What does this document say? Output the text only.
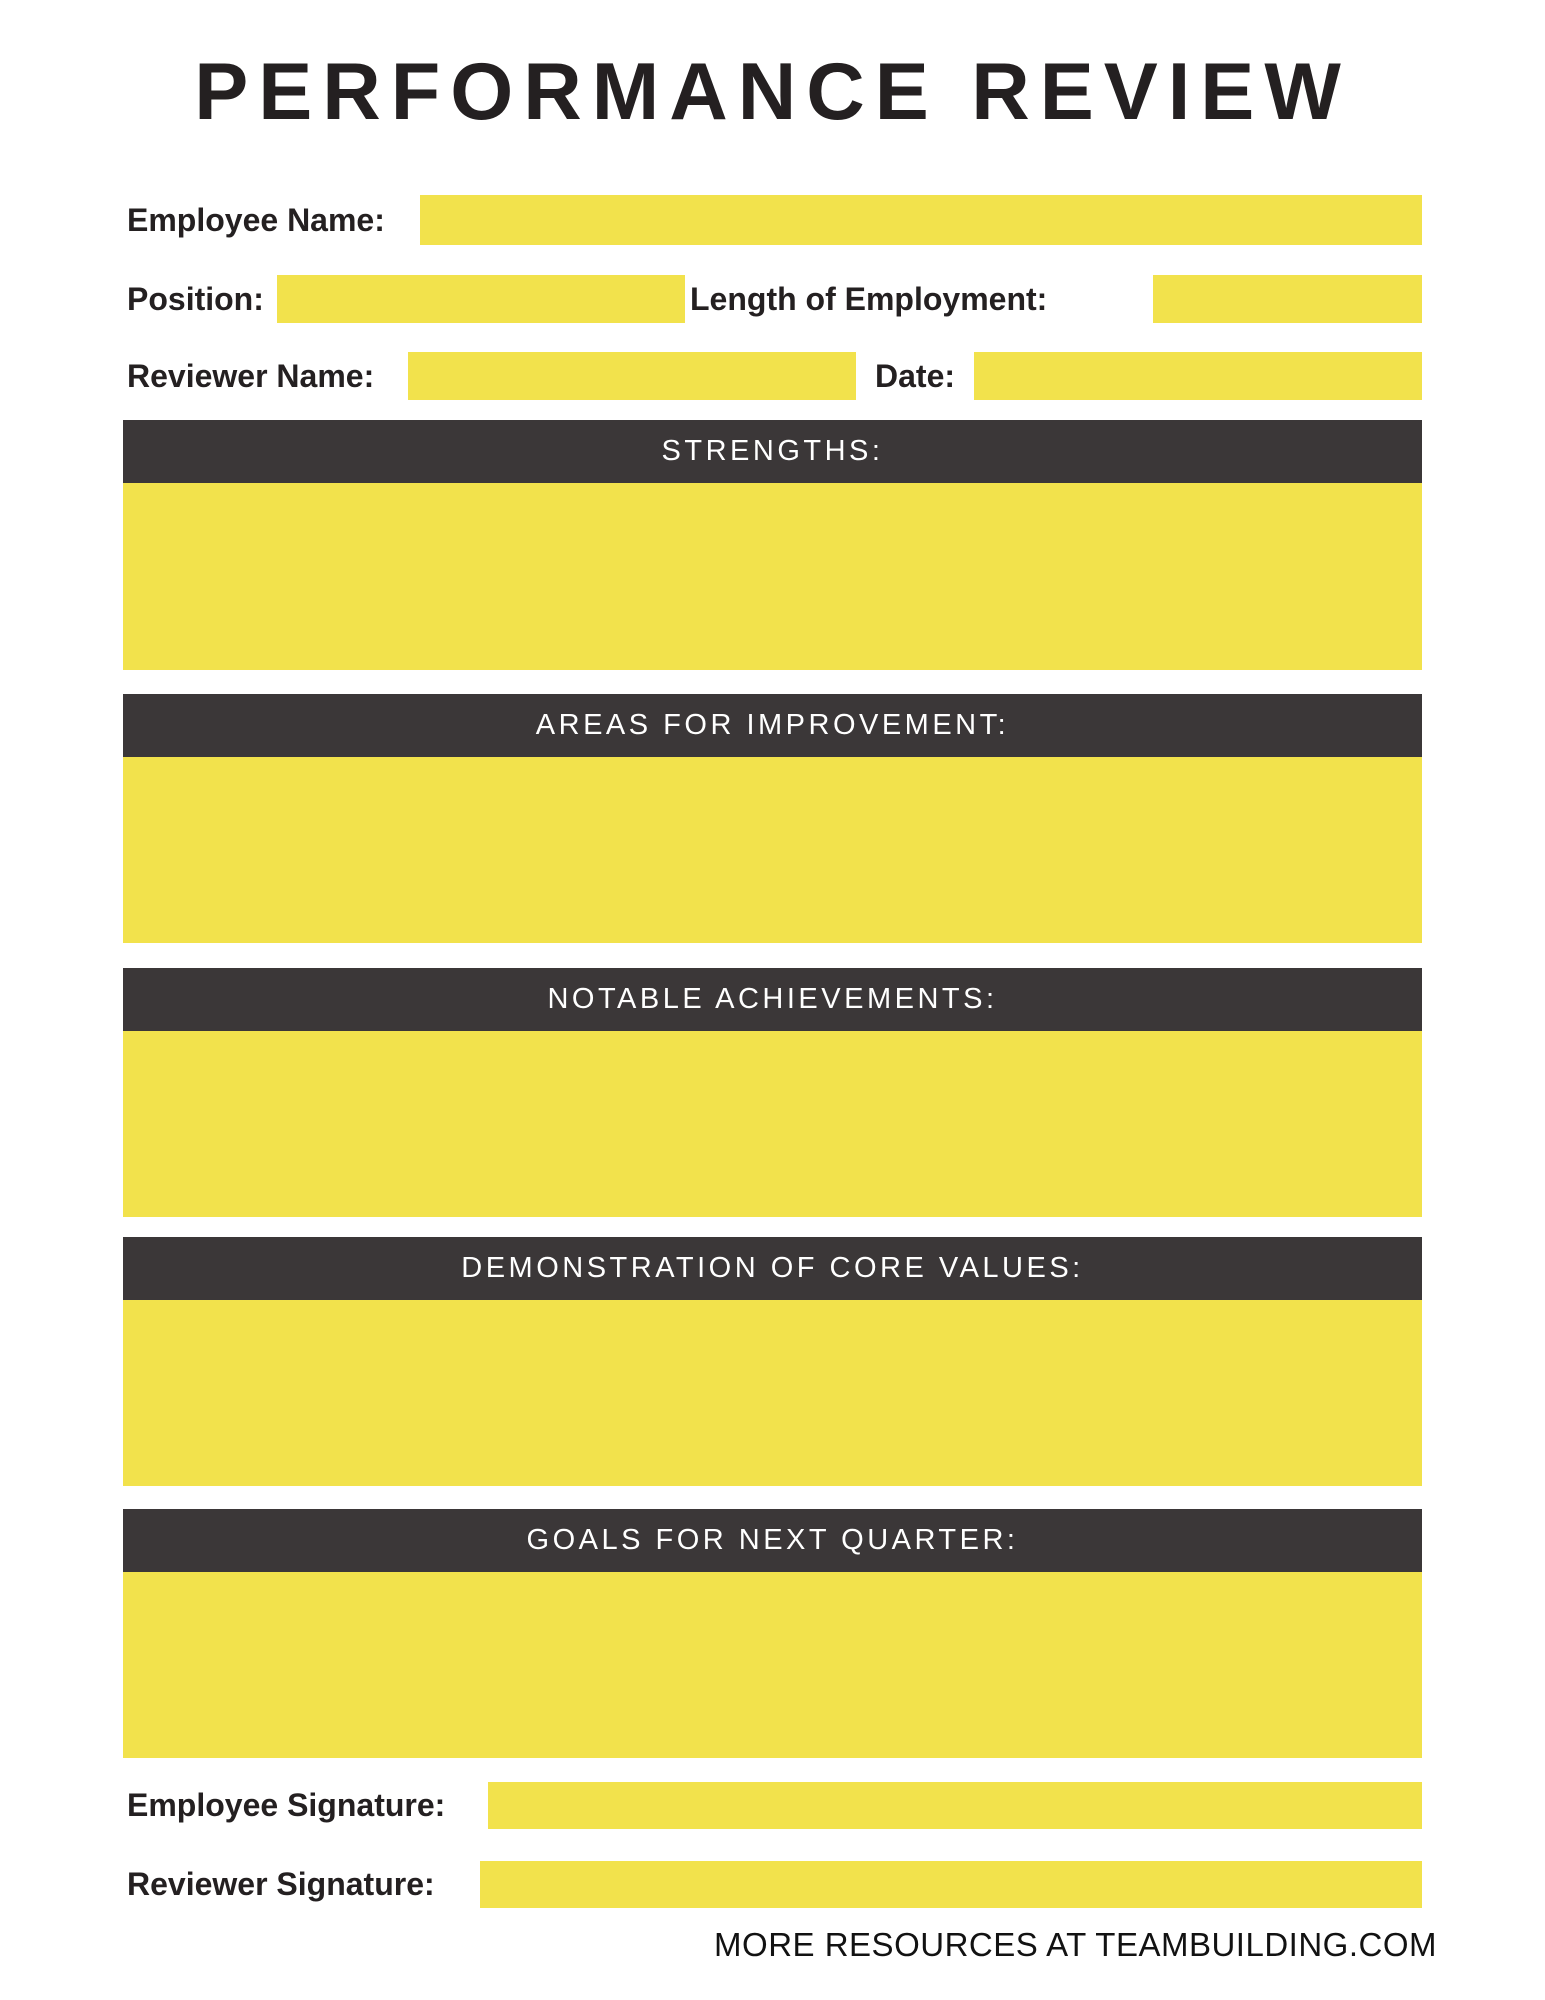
PERFORMANCE REVIEW
Employee Name:
Position:	Length of Employment:
Reviewer Name:	Date:
STRENGTHS:
AREAS FOR IMPROVEMENT:
NOTABLE ACHIEVEMENTS:
DEMONSTRATION OF CORE VALUES:
GOALS FOR NEXT QUARTER:
Employee Signature:
Reviewer Signature:
MORE RESOURCES AT TEAMBUILDING.COM
